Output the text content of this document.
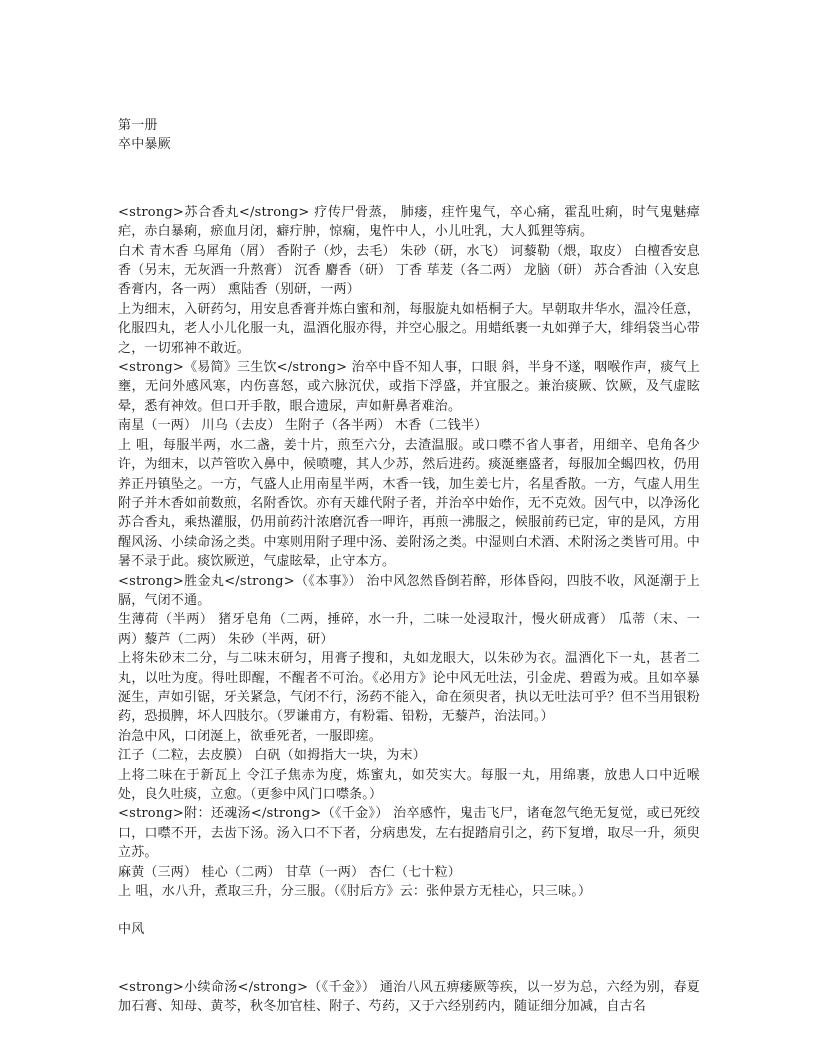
第一册

卒中暴厥

<strong>苏合香丸</strong> 疗传尸骨蒸， 肺瘘，疰忤鬼气，卒心痛，霍乱吐痢，时气鬼魅瘴疟，赤白暴痢，瘀血月闭，癖疔肿，惊痫，鬼忤中人，小儿吐乳，大人狐狸等病。

白术 青木香 乌犀角（屑） 香附子（炒，去毛） 朱砂（研，水飞） 诃藜勒（煨，取皮） 白檀香安息香（另末，无灰酒一升熬膏） 沉香 麝香（研） 丁香 荜茇（各二两） 龙脑（研） 苏合香油（入安息香膏内，各一两） 熏陆香（别研，一两）

上为细末，入研药匀，用安息香膏并炼白蜜和剂，每服旋丸如梧桐子大。早朝取井华水，温冷任意，化服四丸，老人小儿化服一丸，温酒化服亦得，并空心服之。用蜡纸裹一丸如弹子大，绯绢袋当心带之，一切邪神不敢近。

<strong>《易简》三生饮</strong> 治卒中昏不知人事，口眼 斜，半身不遂，咽喉作声，痰气上壅，无问外感风寒，内伤喜怒，或六脉沉伏，或指下浮盛，并宜服之。兼治痰厥、饮厥，及气虚眩晕，悉有神效。但口开手散，眼合遗尿，声如鼾鼻者难治。

南星（一两） 川乌（去皮） 生附子（各半两） 木香（二钱半）

上 咀，每服半两，水二盏，姜十片，煎至六分，去渣温服。或口噤不省人事者，用细辛、皂角各少许，为细末，以芦管吹入鼻中，候喷嚏，其人少苏，然后进药。痰涎壅盛者，每服加全蝎四枚，仍用养正丹镇坠之。一方，气盛人止用南星半两，木香一钱，加生姜七片，名星香散。一方，气虚人用生附子并木香如前数煎，名附香饮。亦有天雄代附子者，并治卒中始作，无不克效。因气中，以净汤化苏合香丸，乘热灌服，仍用前药汁浓磨沉香一呷许，再煎一沸服之，候服前药已定，审的是风，方用醒风汤、小续命汤之类。中寒则用附子理中汤、姜附汤之类。中湿则白术酒、术附汤之类皆可用。中暑不录于此。痰饮厥逆，气虚眩晕，止守本方。

<strong>胜金丸</strong>（《本事》） 治中风忽然昏倒若醉，形体昏闷，四肢不收，风涎潮于上膈，气闭不通。

生薄荷（半两） 猪牙皂角（二两，捶碎，水一升，二味一处浸取汁，慢火研成膏） 瓜蒂（末、一两）藜芦（二两） 朱砂（半两，研）

上将朱砂末二分，与二味末研匀，用膏子搜和，丸如龙眼大，以朱砂为衣。温酒化下一丸，甚者二丸，以吐为度。得吐即醒，不醒者不可治。《必用方》论中风无吐法，引金虎、碧霞为戒。且如卒暴涎生，声如引锯，牙关紧急，气闭不行，汤药不能入，命在须臾者，执以无吐法可乎？但不当用银粉药，恐损脾，坏人四肢尔。（罗谦甫方，有粉霜、铅粉，无藜芦，治法同。）

治急中风，口闭涎上，欲垂死者，一服即瘥。

江子（二粒，去皮膜） 白矾（如拇指大一块，为末）

上将二味在于新瓦上 令江子焦赤为度，炼蜜丸，如芡实大。每服一丸，用绵裹，放患人口中近喉处，良久吐痰，立愈。（更参中风门口噤条。）

<strong>附：还魂汤</strong>（《千金》） 治卒感忤，鬼击飞尸，诸奄忽气绝无复觉，或已死绞口，口噤不开，去齿下汤。汤入口不下者，分病患发，左右捉踏肩引之，药下复增，取尽一升，须臾立苏。

麻黄（三两） 桂心（二两） 甘草（一两） 杏仁（七十粒）

上 咀，水八升，煮取三升，分三服。（《肘后方》云：张仲景方无桂心，只三味。）

中风

<strong>小续命汤</strong>（《千金》） 通治八风五痹痿厥等疾，以一岁为总，六经为别，春夏加石膏、知母、黄芩，秋冬加官桂、附子、芍药，又于六经别药内，随证细分加减，自古名
